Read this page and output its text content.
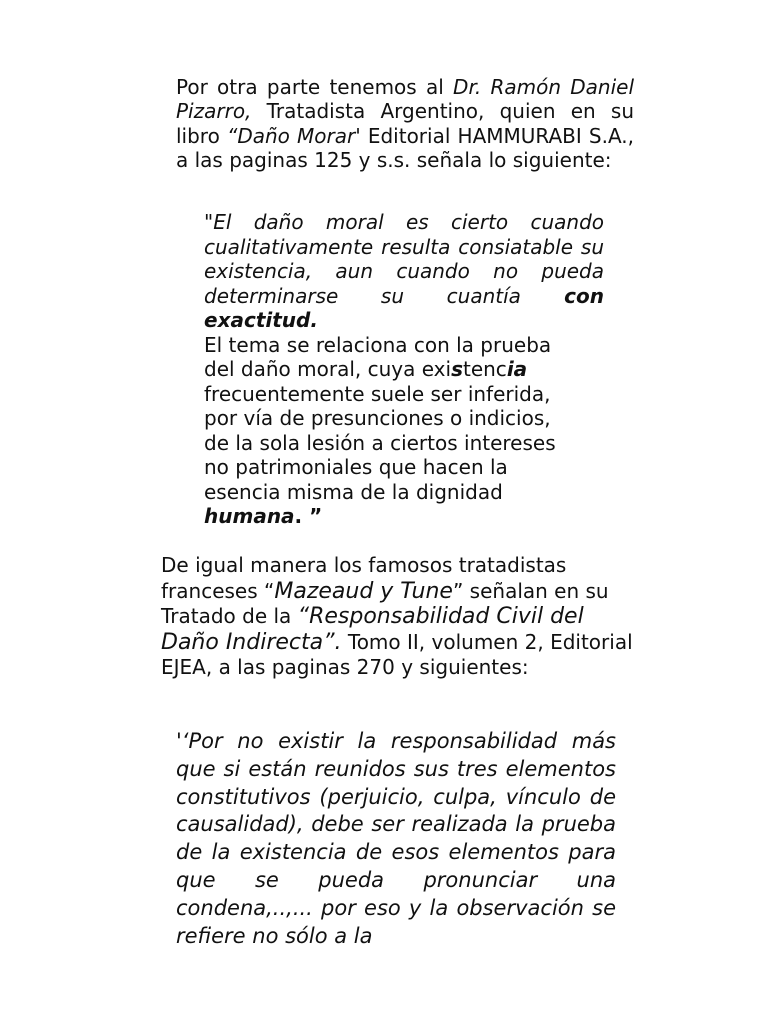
Por otra parte tenemos al Dr. Ramón Daniel Pizarro, Tratadista Argentino, quien en su libro “Daño Morar' Editorial HAMMURABI S.A., a las paginas 125 y s.s. señala lo siguiente:

"El daño moral es cierto cuando cualitativamente resulta consiatable su existencia, aun cuando no pueda determinarse su cuantía con exactitud.
El tema se relaciona con la prueba
del daño moral, cuya existencia
frecuentemente suele ser inferida,
por vía de presunciones o indicios,
de la sola lesión a ciertos intereses
no patrimoniales que hacen la
esencia misma de la dignidad
humana. ”

De igual manera los famosos tratadistas franceses “Mazeaud y Tune” señalan en su Tratado de la “Responsabilidad Civil del Daño Indirecta”. Tomo II, volumen 2, Editorial EJEA, a las paginas 270 y siguientes:

'‘Por no existir la responsabilidad más que si están reunidos sus tres elementos constitutivos (perjuicio, culpa, vínculo de causalidad), debe ser realizada la prueba de la existencia de esos elementos para que se pueda pronunciar una condena,..,... por eso y la observación se refiere no sólo a la
